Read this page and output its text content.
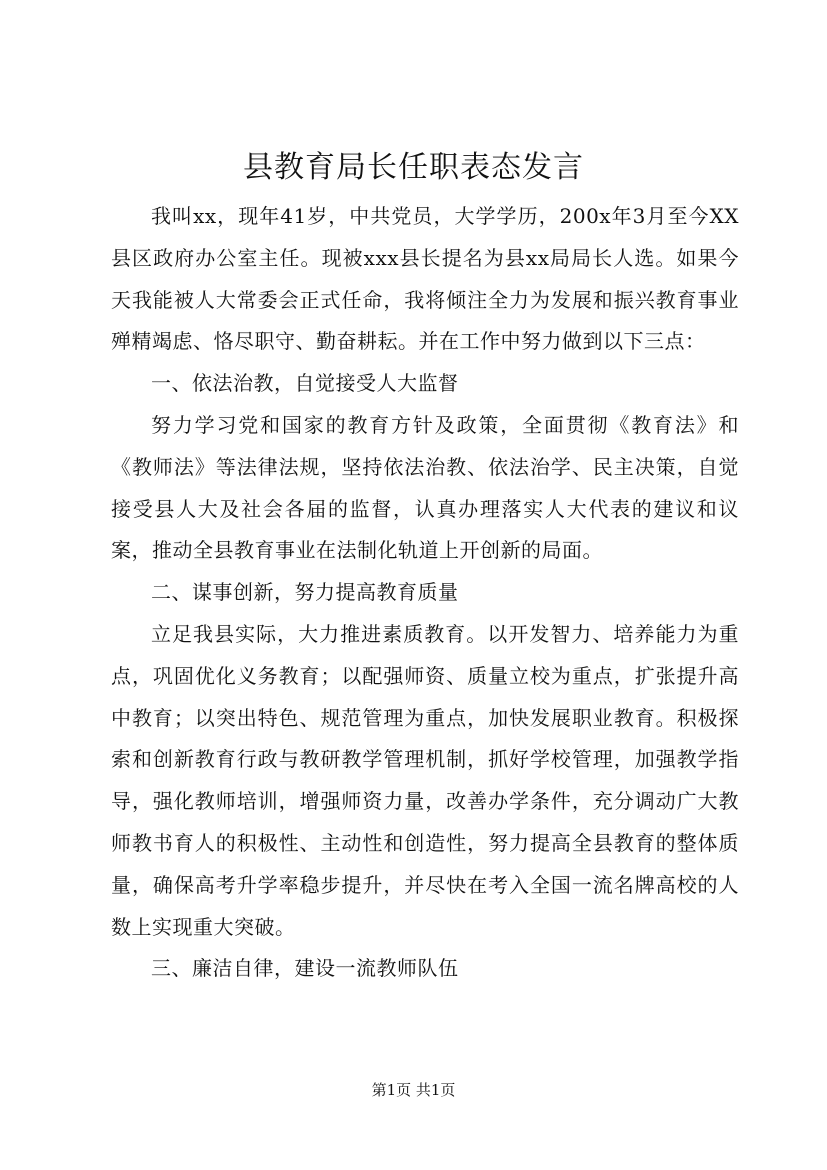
县教育局长任职表态发言

我叫xx，现年41岁，中共党员，大学学历，200x年3月至今XX县区政府办公室主任。现被xxx县长提名为县xx局局长人选。如果今天我能被人大常委会正式任命，我将倾注全力为发展和振兴教育事业殚精竭虑、恪尽职守、勤奋耕耘。并在工作中努力做到以下三点：

一、依法治教，自觉接受人大监督

努力学习党和国家的教育方针及政策，全面贯彻《教育法》和《教师法》等法律法规，坚持依法治教、依法治学、民主决策，自觉接受县人大及社会各届的监督，认真办理落实人大代表的建议和议案，推动全县教育事业在法制化轨道上开创新的局面。

二、谋事创新，努力提高教育质量

立足我县实际，大力推进素质教育。以开发智力、培养能力为重点，巩固优化义务教育；以配强师资、质量立校为重点，扩张提升高中教育；以突出特色、规范管理为重点，加快发展职业教育。积极探索和创新教育行政与教研教学管理机制，抓好学校管理，加强教学指导，强化教师培训，增强师资力量，改善办学条件，充分调动广大教师教书育人的积极性、主动性和创造性，努力提高全县教育的整体质量，确保高考升学率稳步提升，并尽快在考入全国一流名牌高校的人数上实现重大突破。

三、廉洁自律，建设一流教师队伍

第1页 共1页
